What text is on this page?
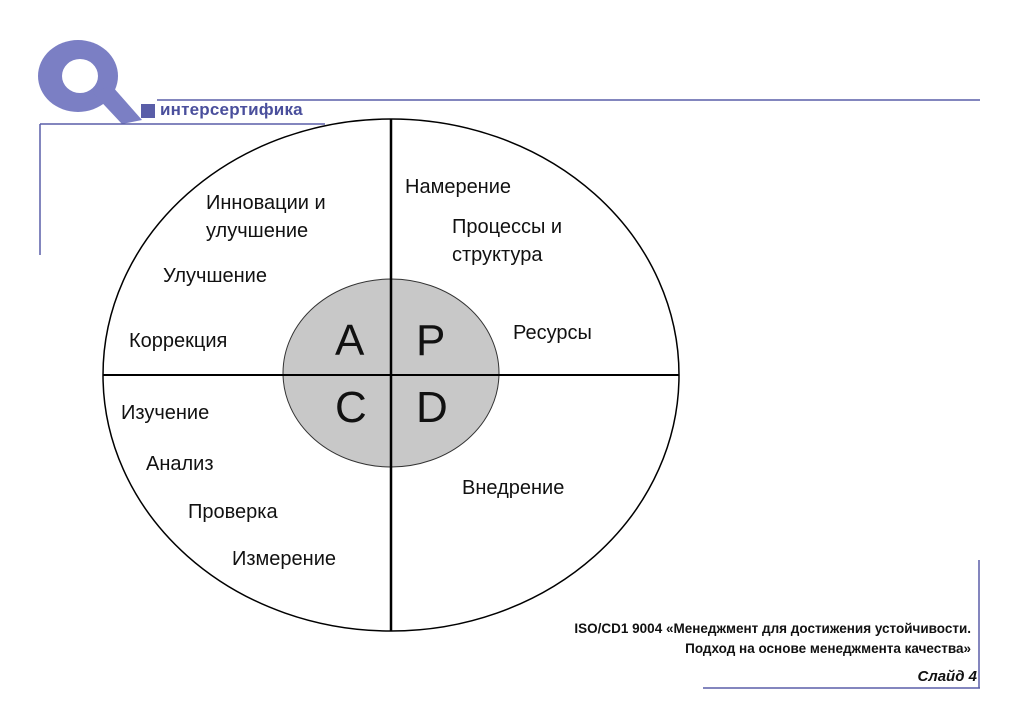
интерсертифика
A P
C D
Инновации и
улучшение
Улучшение
Коррекция
Намерение
Процессы и
структура
Ресурсы
Изучение
Анализ
Проверка
Измерение
Внедрение
ISO/CD1 9004 «Менеджмент для достижения устойчивости.
Подход на основе менеджмента качества»
Слайд 4
